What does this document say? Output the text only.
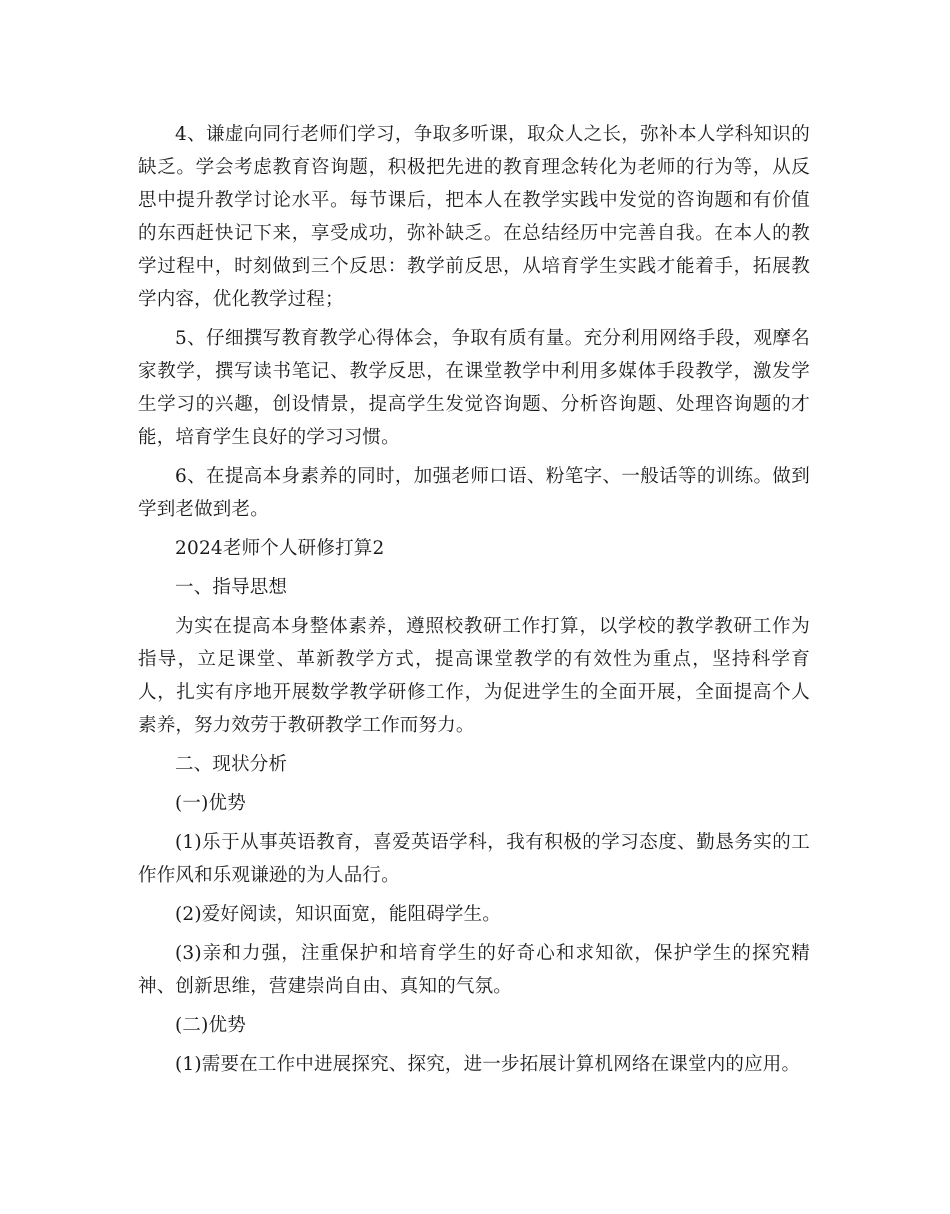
4、谦虚向同行老师们学习，争取多听课，取众人之长，弥补本人学科知识的缺乏。学会考虑教育咨询题，积极把先进的教育理念转化为老师的行为等，从反思中提升教学讨论水平。每节课后，把本人在教学实践中发觉的咨询题和有价值的东西赶快记下来，享受成功，弥补缺乏。在总结经历中完善自我。在本人的教学过程中，时刻做到三个反思：教学前反思，从培育学生实践才能着手，拓展教学内容，优化教学过程；

5、仔细撰写教育教学心得体会，争取有质有量。充分利用网络手段，观摩名家教学，撰写读书笔记、教学反思，在课堂教学中利用多媒体手段教学，激发学生学习的兴趣，创设情景，提高学生发觉咨询题、分析咨询题、处理咨询题的才能，培育学生良好的学习习惯。

6、在提高本身素养的同时，加强老师口语、粉笔字、一般话等的训练。做到学到老做到老。

2024老师个人研修打算2

一、指导思想

为实在提高本身整体素养，遵照校教研工作打算，以学校的教学教研工作为指导，立足课堂、革新教学方式，提高课堂教学的有效性为重点，坚持科学育人，扎实有序地开展数学教学研修工作，为促进学生的全面开展，全面提高个人素养，努力效劳于教研教学工作而努力。

二、现状分析

(一)优势

(1)乐于从事英语教育，喜爱英语学科，我有积极的学习态度、勤恳务实的工作作风和乐观谦逊的为人品行。

(2)爱好阅读，知识面宽，能阻碍学生。

(3)亲和力强，注重保护和培育学生的好奇心和求知欲，保护学生的探究精神、创新思维，营建崇尚自由、真知的气氛。

(二)优势

(1)需要在工作中进展探究、探究，进一步拓展计算机网络在课堂内的应用。
